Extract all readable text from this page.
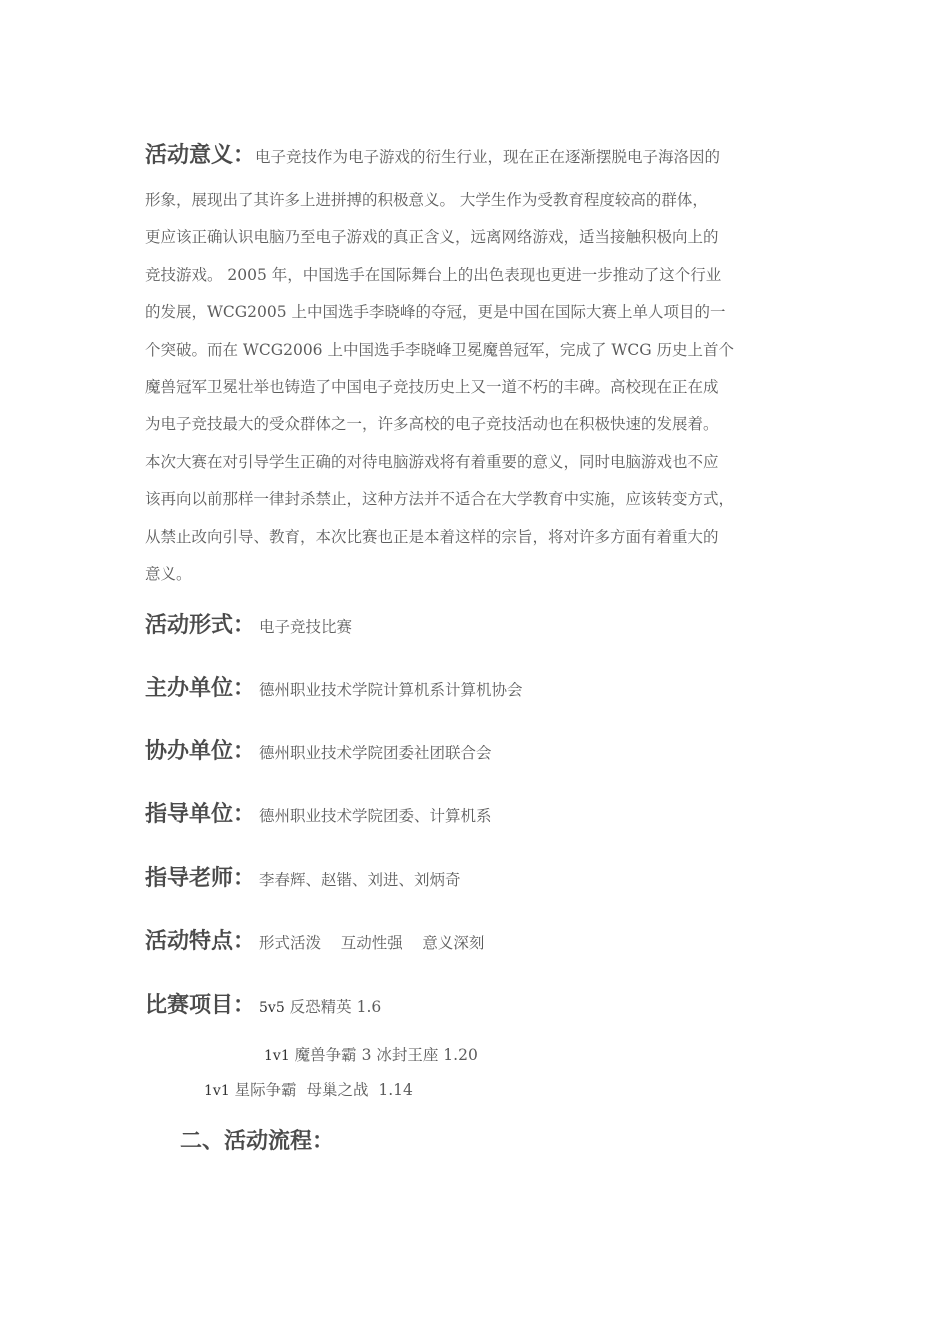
活动意义：电子竞技作为电子游戏的衍生行业，现在正在逐渐摆脱电子海洛因的
形象，展现出了其许多上进拼搏的积极意义。 大学生作为受教育程度较高的群体，
更应该正确认识电脑乃至电子游戏的真正含义，远离网络游戏，适当接触积极向上的
竞技游戏。 2005 年，中国选手在国际舞台上的出色表现也更进一步推动了这个行业
的发展，WCG2005 上中国选手李晓峰的夺冠，更是中国在国际大赛上单人项目的一
个突破。而在 WCG2006 上中国选手李晓峰卫冕魔兽冠军，完成了 WCG 历史上首个
魔兽冠军卫冕壮举也铸造了中国电子竞技历史上又一道不朽的丰碑。高校现在正在成
为电子竞技最大的受众群体之一，许多高校的电子竞技活动也在积极快速的发展着。
本次大赛在对引导学生正确的对待电脑游戏将有着重要的意义，同时电脑游戏也不应
该再向以前那样一律封杀禁止，这种方法并不适合在大学教育中实施，应该转变方式，
从禁止改向引导、教育，本次比赛也正是本着这样的宗旨，将对许多方面有着重大的
意义。
活动形式： 电子竞技比赛
主办单位： 德州职业技术学院计算机系计算机协会
协办单位： 德州职业技术学院团委社团联合会
指导单位： 德州职业技术学院团委、计算机系
指导老师： 李春辉、赵锴、刘进、刘炳奇
活动特点： 形式活泼    互动性强    意义深刻
比赛项目： 5v5 反恐精英 1.6
1v1 魔兽争霸 3 冰封王座 1.20
1v1 星际争霸  母巢之战  1.14
二、活动流程：
